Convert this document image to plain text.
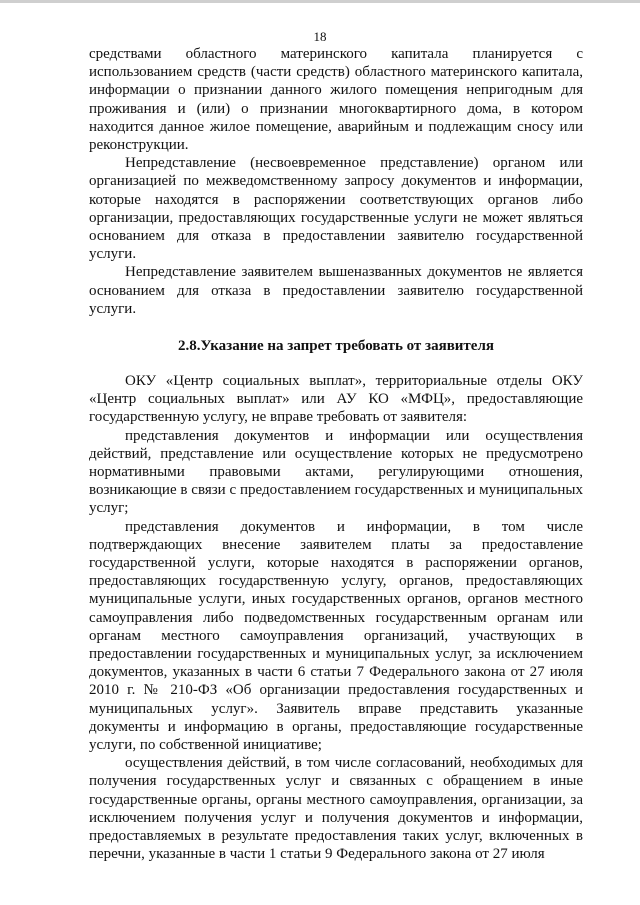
18

средствами областного материнского капитала планируется с использованием средств (части средств) областного материнского капитала, информации о признании данного жилого помещения непригодным для проживания и (или) о признании многоквартирного дома, в котором находится данное жилое помещение, аварийным и подлежащим сносу или реконструкции.

Непредставление (несвоевременное представление) органом или организацией по межведомственному запросу документов и информации, которые находятся в распоряжении соответствующих органов либо организации, предоставляющих государственные услуги не может являться основанием для отказа в предоставлении заявителю государственной услуги.

Непредставление заявителем вышеназванных документов не является основанием для отказа в предоставлении заявителю государственной услуги.

2.8.Указание на запрет требовать от заявителя

ОКУ «Центр социальных выплат», территориальные отделы ОКУ «Центр социальных выплат» или АУ КО «МФЦ», предоставляющие государственную услугу, не вправе требовать от заявителя:

представления документов и информации или осуществления действий, представление или осуществление которых не предусмотрено нормативными правовыми актами, регулирующими отношения, возникающие в связи с предоставлением государственных и муниципальных услуг;

представления документов и информации, в том числе подтверждающих внесение заявителем платы за предоставление государственной услуги, которые находятся в распоряжении органов, предоставляющих государственную услугу, органов, предоставляющих муниципальные услуги, иных государственных органов, органов местного самоуправления либо подведомственных государственным органам или органам местного самоуправления организаций, участвующих в предоставлении государственных и муниципальных услуг, за исключением документов, указанных в части 6 статьи 7 Федерального закона от 27 июля 2010 г. № 210-ФЗ «Об организации предоставления государственных и муниципальных услуг». Заявитель вправе представить указанные документы и информацию в органы, предоставляющие государственные услуги, по собственной инициативе;

осуществления действий, в том числе согласований, необходимых для получения государственных услуг и связанных с обращением в иные государственные органы, органы местного самоуправления, организации, за исключением получения услуг и получения документов и информации, предоставляемых в результате предоставления таких услуг, включенных в перечни, указанные в части 1 статьи 9 Федерального закона от 27 июля
